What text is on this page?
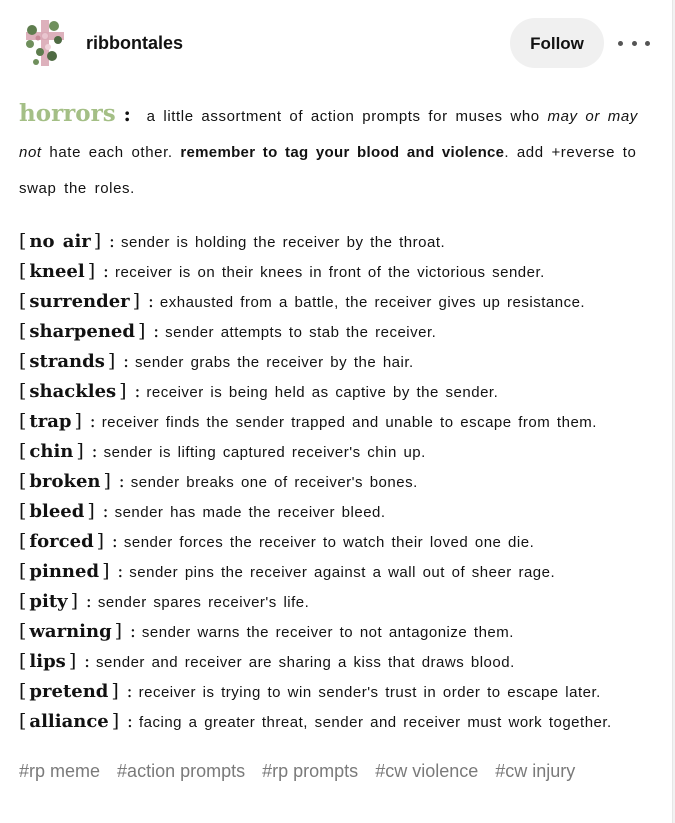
ribbontales	Follow
horrors : a little assortment of action prompts for muses who may or may not hate each other. remember to tag your blood and violence. add +reverse to swap the roles.
[ no air ] : sender is holding the receiver by the throat.
[ kneel ] : receiver is on their knees in front of the victorious sender.
[ surrender ] : exhausted from a battle, the receiver gives up resistance.
[ sharpened ] : sender attempts to stab the receiver.
[ strands ] : sender grabs the receiver by the hair.
[ shackles ] : receiver is being held as captive by the sender.
[ trap ] : receiver finds the sender trapped and unable to escape from them.
[ chin ] : sender is lifting captured receiver's chin up.
[ broken ] : sender breaks one of receiver's bones.
[ bleed ] : sender has made the receiver bleed.
[ forced ] : sender forces the receiver to watch their loved one die.
[ pinned ] : sender pins the receiver against a wall out of sheer rage.
[ pity ] : sender spares receiver's life.
[ warning ] : sender warns the receiver to not antagonize them.
[ lips ] : sender and receiver are sharing a kiss that draws blood.
[ pretend ] : receiver is trying to win sender's trust in order to escape later.
[ alliance ] : facing a greater threat, sender and receiver must work together.
#rp meme #action prompts #rp prompts #cw violence #cw injury
